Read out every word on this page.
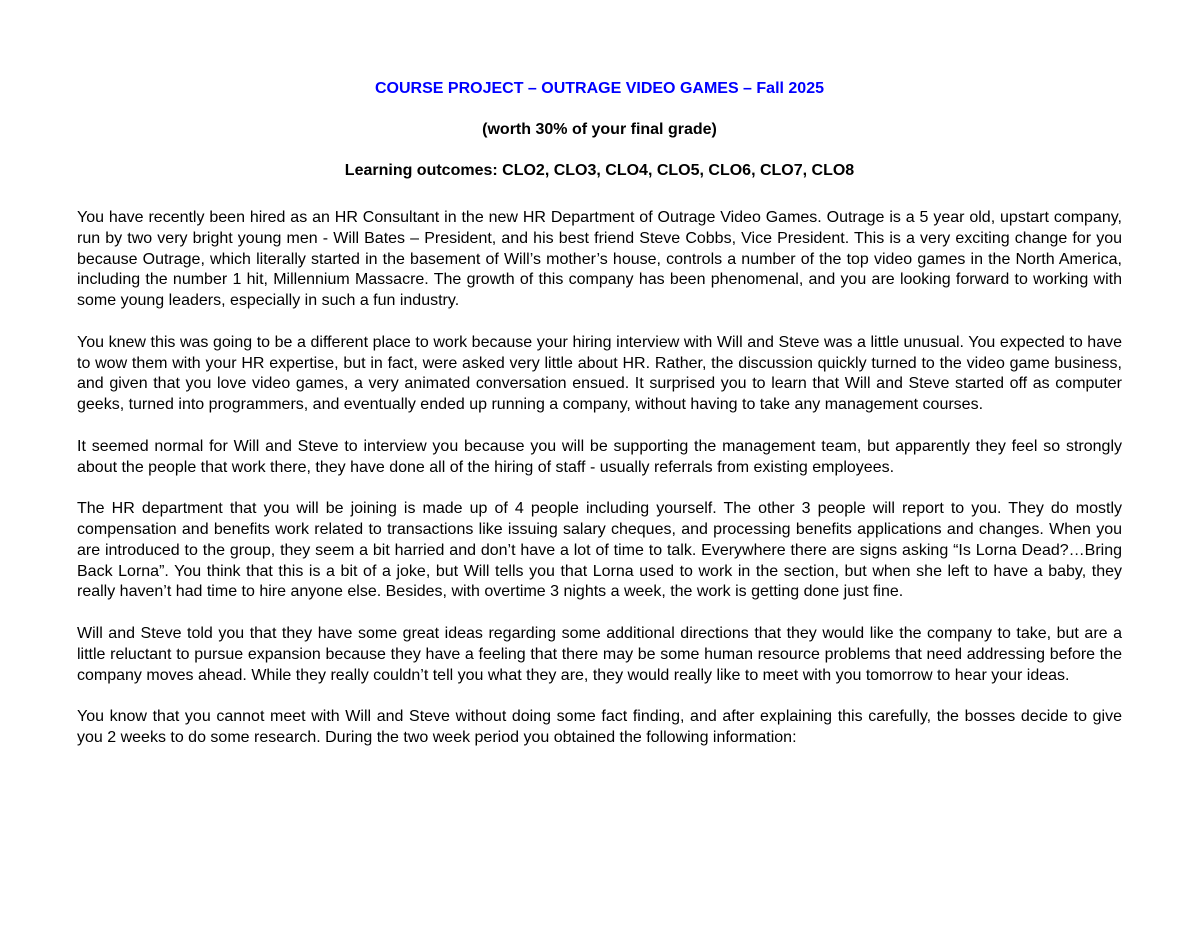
COURSE PROJECT – OUTRAGE VIDEO GAMES – Fall 2025
(worth 30% of your final grade)
Learning outcomes: CLO2, CLO3, CLO4, CLO5, CLO6, CLO7, CLO8

You have recently been hired as an HR Consultant in the new HR Department of Outrage Video Games. Outrage is a 5 year old, upstart company, run by two very bright young men - Will Bates – President, and his best friend Steve Cobbs, Vice President. This is a very exciting change for you because Outrage, which literally started in the basement of Will’s mother’s house, controls a number of the top video games in the North America, including the number 1 hit, Millennium Massacre. The growth of this company has been phenomenal, and you are looking forward to working with some young leaders, especially in such a fun industry.

You knew this was going to be a different place to work because your hiring interview with Will and Steve was a little unusual. You expected to have to wow them with your HR expertise, but in fact, were asked very little about HR. Rather, the discussion quickly turned to the video game business, and given that you love video games, a very animated conversation ensued. It surprised you to learn that Will and Steve started off as computer geeks, turned into programmers, and eventually ended up running a company, without having to take any management courses.

It seemed normal for Will and Steve to interview you because you will be supporting the management team, but apparently they feel so strongly about the people that work there, they have done all of the hiring of staff - usually referrals from existing employees.

The HR department that you will be joining is made up of 4 people including yourself. The other 3 people will report to you. They do mostly compensation and benefits work related to transactions like issuing salary cheques, and processing benefits applications and changes. When you are introduced to the group, they seem a bit harried and don’t have a lot of time to talk. Everywhere there are signs asking “Is Lorna Dead?…Bring Back Lorna”. You think that this is a bit of a joke, but Will tells you that Lorna used to work in the section, but when she left to have a baby, they really haven’t had time to hire anyone else. Besides, with overtime 3 nights a week, the work is getting done just fine.

Will and Steve told you that they have some great ideas regarding some additional directions that they would like the company to take, but are a little reluctant to pursue expansion because they have a feeling that there may be some human resource problems that need addressing before the company moves ahead. While they really couldn’t tell you what they are, they would really like to meet with you tomorrow to hear your ideas.

You know that you cannot meet with Will and Steve without doing some fact finding, and after explaining this carefully, the bosses decide to give you 2 weeks to do some research. During the two week period you obtained the following information:
